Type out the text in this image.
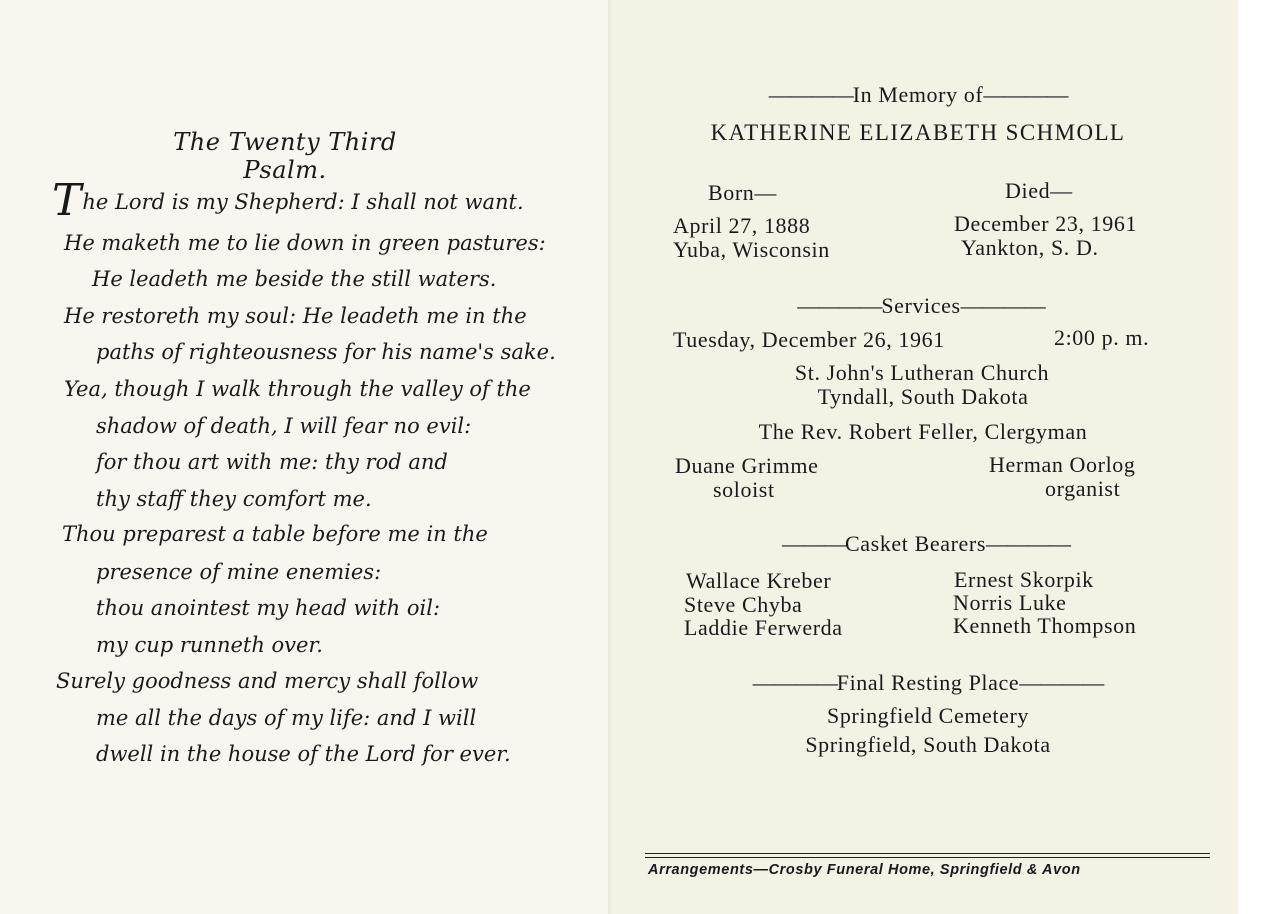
The Twenty Third Psalm.
The Lord is my Shepherd: I shall not want.
He maketh me to lie down in green pastures:
He leadeth me beside the still waters.
He restoreth my soul: He leadeth me in the
paths of righteousness for his name's sake.
Yea, though I walk through the valley of the
shadow of death, I will fear no evil:
for thou art with me: thy rod and
thy staff they comfort me.
Thou preparest a table before me in the
presence of mine enemies:
thou anointest my head with oil:
my cup runneth over.
Surely goodness and mercy shall follow
me all the days of my life: and I will
dwell in the house of the Lord for ever.
————In Memory of————
KATHERINE ELIZABETH SCHMOLL
Born—
April 27, 1888
Yuba, Wisconsin
Died—
December 23, 1961
Yankton, S. D.
————Services————
Tuesday, December 26, 1961	2:00 p. m.
St. John's Lutheran Church
Tyndall, South Dakota
The Rev. Robert Feller, Clergyman
Duane Grimme
soloist
Herman Oorlog
organist
———Casket Bearers————
Wallace Kreber
Steve Chyba
Laddie Ferwerda
Ernest Skorpik
Norris Luke
Kenneth Thompson
————Final Resting Place————
Springfield Cemetery
Springfield, South Dakota
Arrangements—Crosby Funeral Home, Springfield & Avon
